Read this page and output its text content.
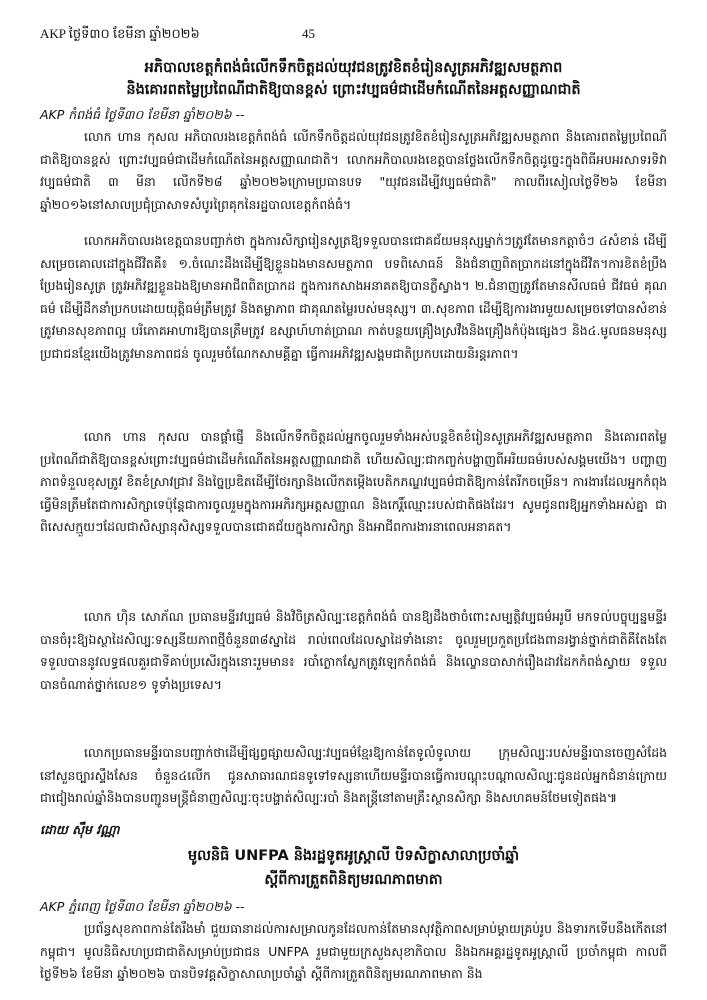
AKP ថ្ងៃទី៣០ ខែមីនា ឆ្នាំ២០២៦	45
អភិបាលខេត្តកំពង់ធំលើកទឹកចិត្តដល់យុវជនត្រូវខិតខំរៀនសូត្រអភិវឌ្ឍសមត្ថភាព
និងគោរពតម្លៃប្រពៃណីជាតិឱ្យបានខ្ពស់ ព្រោះវប្បធម៌ជាដើមកំណើតនៃអត្តសញ្ញាណជាតិ
AKP កំពង់ធំ ថ្ងៃទី៣០ ខែមីនា ឆ្នាំ២០២៦ --
លោក ហាន កុសល អភិបាលរងខេត្តកំពង់ធំ លើកទឹកចិត្តដល់យុវជនត្រូវខិតខំរៀនសូត្រអភិវឌ្ឍសមត្ថភាព និងគោរពតម្លៃប្រពៃណីជាតិឱ្យបានខ្ពស់ ព្រោះវប្បធម៌ជាដើមកំណើតនៃអត្តសញ្ញាណជាតិ។ លោកអភិបាលរងខេត្តបានថ្លែងលើកទឹកចិត្តដូច្នេះក្នុងពិធីអបអរសាទរទិវាវប្បធម៌ជាតិ ៣ មីនា លើកទី២៨ ឆ្នាំ២០២៦ក្រោមប្រធានបទ "យុវជនដើម្បីវប្បធម៌ជាតិ" កាលពីរសៀលថ្ងៃទី២៦ ខែមីនា ឆ្នាំ២០១៦នៅសាលប្រជុំប្រាសាទសំបូរព្រៃគុកនៃរដ្ឋបាលខេត្តកំពង់ធំ។
លោកអភិបាលរងខេត្តបានបញ្ជាក់ថា ក្នុងការសិក្សារៀនសូត្រឱ្យទទួលបានជោគជ័យមនុស្សម្នាក់ៗត្រូវតែមានកត្តាចំៗ ៤សំខាន់ ដើម្បីសម្រេចគោលដៅក្នុងជីវិតគឺ៖ ១.ចំណេះដឹងដើម្បីឱ្យខ្លួនឯងមានសមត្ថភាព បទពិសោធន៍ និងជំនាញពិតប្រាកដនៅក្នុងជីវិត។ការខិតខំប្រឹងប្រែងរៀនសូត្រ ត្រូវអភិវឌ្ឍខ្លួនឯងឱ្យមានអាជីពពិតប្រាកដ ក្នុងការកសាងអនាគតឱ្យបានភ្លឺស្វាង។ ២.ជំនាញត្រូវតែមានសីលធម៌ ជីវធម៌ គុណធម៌ ដើម្បីដឹកនាំប្រកបដោយយុត្តិធម៌ត្រឹមត្រូវ និងតម្លាភាព ជាគុណតម្លៃរបស់មនុស្ស។ ៣.សុខភាព ដើម្បីឱ្យការងារមួយសម្រេចទៅបានសំខាន់ត្រូវមានសុខភាពល្អ បរិភោគអាហារឱ្យបានត្រឹមត្រូវ ឧស្សាហ៍ហាត់ប្រាណ កាត់បន្ថយគ្រឿងស្រវឹងនិងគ្រឿងកំប៉ុងផ្សេងៗ និង៤.មូលធនមនុស្ស ប្រជាជនខ្មែរយើងត្រូវមានភាពជន់ ចូលរួមចំណែកសាមគ្គីគ្នា ធ្វើការអភិវឌ្ឍសង្គមជាតិប្រកបដោយនិរន្តរភាព។
លោក ហាន កុសល បានផ្តាំផ្ញើ និងលើកទឹកចិត្តដល់អ្នកចូលរួមទាំងអស់បន្តខិតខំរៀនសូត្រអភិវឌ្ឍសមត្ថភាព និងគោរពតម្លៃប្រពៃណីជាតិឱ្យបានខ្ពស់ព្រោះវប្បធម៌ជាដើមកំណើតនៃអត្តសញ្ញាណជាតិ ហើយសិល្បៈជាកញ្ចក់បង្ហាញពីអរិយធម៌របស់សង្គមយើង។ បញ្ហាញភាពទំនួលខុសត្រូវ ខិតខំស្រាវជ្រាវ និងច្នៃប្រឌិតដើម្បីថែរក្សានិងលើកតម្កើងបេតិកភណ្ឌវប្បធម៌ជាតិឱ្យកាន់តែរីកចម្រើន។ ការងារដែលអ្នកកំពុងធ្វើមិនត្រឹមតែជាការសិក្សាទេប៉ុន្តែជាការចូលរួមក្នុងការអភិរក្សអត្តសញ្ញាណ និងកេរ្តិ៍ឈ្មោះរបស់ជាតិផងដែរ។ សូមជូនពរឱ្យអ្នកទាំងអស់គ្នា ជាពិសេសក្មួយៗដែលជាសិស្សានុសិស្សទទួលបានជោគជ័យក្នុងការសិក្សា និងអាជីពការងារនាពេលអនាគត។
លោក ហ៊ិន សោភ័ណ ប្រធានមន្ទីរវប្បធម៌ និងវិចិត្រសិល្បៈខេត្តកំពង់ធំ បានឱ្យដឹងថាចំពោះសម្បត្តិវប្បធម៌អរូបី មកទល់បច្ចុប្បន្នមន្ទីរបានចំរុះឱ្យឯស្ថាដៃសិល្បៈទស្សនីយភាពថ្មីចំនួន៣៨ស្នាដៃ រាល់ពេលដែលស្នាដៃទាំងនោះ ចូលរួមប្រកួតប្រជែងពានរង្វាន់ថ្នាក់ជាតិគឺតែងតែទទួលបាននូវលទ្ធផលគួរជាទីគាប់ប្រសើរក្នុងនោះរួមមាន៖ របាំក្ងោកស្លែកត្រូវឡេកកំពង់ធំ និងល្ខោនបាសាក់រឿងដាវដៃកកំពង់ស្វាយ ទទួលបានចំណាត់ថ្នាក់លេខ១ ទូទាំងប្រទេស។
លោកប្រធានមន្ទីរបានបញ្ជាក់ថាដើម្បីផ្សព្វផ្សាយសិល្បៈវប្បធម៌ខ្មែរឱ្យកាន់តែទូលំទូលាយ ក្រុមសិល្បៈរបស់មន្ទីរបានចេញសំដែងនៅសួនច្បារស្ទឹងសែន ចំនួន៤លើក ជូនសាធារណជនទូទៅទស្សនាហើយមន្ទីរបានធ្វើការបណ្តុះបណ្តាលសិល្បៈជូនដល់អ្នកជំនាន់ក្រោយជាជៀងរាល់ឆ្នាំនិងបានបញ្ជូនមន្ត្រីជំនាញសិល្បៈចុះបង្ហាត់សិល្បៈរបាំ និងតន្ត្រីនៅតាមគ្រឹះស្ថានសិក្សា និងសហគមន៍ថែមទៀតផង៕
ដោយ ស៊ឹម វណ្ណា
មូលនិធិ UNFPA និងរដ្ឋទូតអូស្ត្រាលី បិទសិក្ខាសាលាប្រចាំឆ្នាំ
ស្តីពីការត្រួតពិនិត្យមរណភាពមាតា
AKP ភ្នំពេញ ថ្ងៃទី៣០ ខែមីនា ឆ្នាំ២០២៦ --
ប្រព័ន្ធសុខភាពកាន់តែរឹងមាំ ជួយធានាដល់ការសម្រាលកូនដែលកាន់តែមានសុវត្ថិភាពសម្រាប់ម្តាយគ្រប់រូប និងទារកទើបនឹងកើតនៅកម្ពុជា។ មូលនិធិសហប្រជាជាតិសម្រាប់ប្រជាជន UNFPA រួមជាមួយក្រសួងសុខាភិបាល និងឯកអគ្គរដ្ឋទូតអូស្ត្រាលី ប្រចាំកម្ពុជា កាលពីថ្ងៃទី២៦ ខែមីនា ឆ្នាំ២០២៦ បានបិទវគ្គសិក្ខាសាលាប្រចាំឆ្នាំ ស្តីពីការត្រួតពិនិត្យមរណភាពមាតា និង
